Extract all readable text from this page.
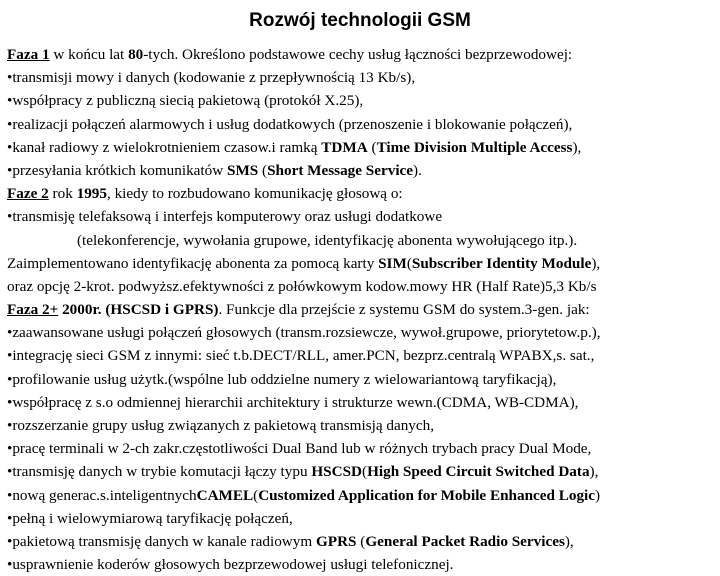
Rozwój technologii GSM
Faza 1 w końcu lat 80-tych. Określono podstawowe cechy usług łączności bezprzewodowej:
•transmisji mowy i danych (kodowanie z przepływnością 13 Kb/s),
•współpracy z publiczną siecią pakietową (protokół X.25),
•realizacji połączeń alarmowych i usług dodatkowych (przenoszenie i blokowanie połączeń),
•kanał radiowy z wielokrotnieniem czasow.i ramką TDMA (Time Division Multiple Access),
•przesyłania krótkich komunikatów SMS (Short Message Service).
Faze 2 rok 1995, kiedy to rozbudowano komunikację głosową o:
•transmisję telefaksową i interfejs komputerowy oraz usługi dodatkowe
(telekonferencje, wywołania grupowe, identyfikację abonenta wywołującego itp.).
Zaimplementowano identyfikację abonenta za pomocą karty SIM(Subscriber Identity Module),
oraz opcję 2-krot. podwyższ.efektywności z połówkowym kodow.mowy HR (Half Rate)5,3 Kb/s
Faza 2+ 2000r. (HSCSD i GPRS). Funkcje dla przejście z systemu GSM do system.3-gen. jak:
•zaawansowane usługi połączeń głosowych (transm.rozsiewcze, wywoł.grupowe, priorytetow.p.),
•integrację sieci GSM z innymi: sieć t.b.DECT/RLL, amer.PCN, bezprz.centralą WPABX,s. sat.,
•profilowanie usług użytk.(wspólne lub oddzielne numery z wielowariantową taryfikacją),
•współpracę z s.o odmiennej hierarchii architektury i strukturze wewn.(CDMA, WB-CDMA),
•rozszerzanie grupy usług związanych z pakietową transmisją danych,
•pracę terminali w 2-ch zakr.częstotliwości Dual Band lub w różnych trybach pracy Dual Mode,
•transmisję danych w trybie komutacji łączy typu HSCSD(High Speed Circuit Switched Data),
•nową generac.s.inteligentnychCAMEL(Customized Application for Mobile Enhanced Logic)
•pełną i wielowymiarową taryfikację połączeń,
•pakietową transmisję danych w kanale radiowym GPRS (General Packet Radio Services),
•usprawnienie koderów głosowych bezprzewodowej usługi telefonicznej.
